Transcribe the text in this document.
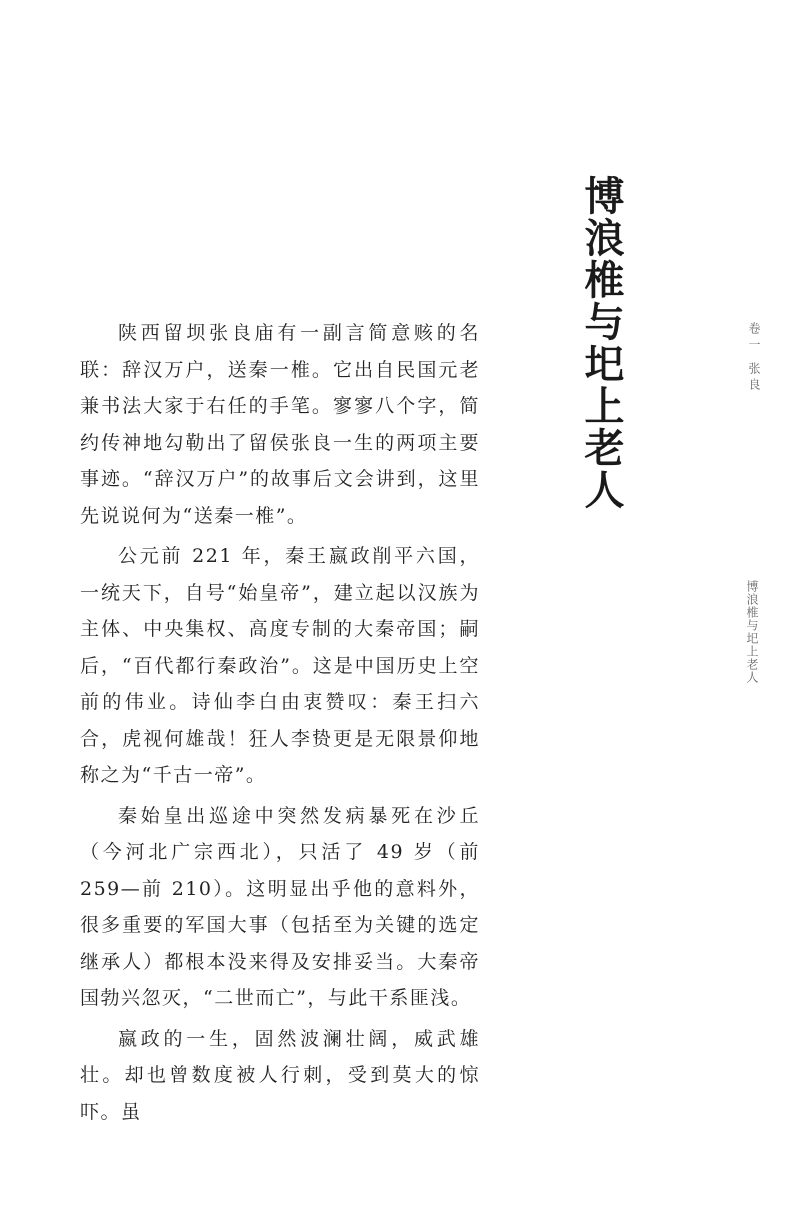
博浪椎与圯上老人	卷一 张良
博浪椎与圯上老人

陕西留坝张良庙有一副言简意赅的名联：辞汉万户，送秦一椎。它出自民国元老兼书法大家于右任的手笔。寥寥八个字，简约传神地勾勒出了留侯张良一生的两项主要事迹。“辞汉万户”的故事后文会讲到，这里先说说何为“送秦一椎”。

公元前 221 年，秦王嬴政削平六国，一统天下，自号“始皇帝”，建立起以汉族为主体、中央集权、高度专制的大秦帝国；嗣后，“百代都行秦政治”。这是中国历史上空前的伟业。诗仙李白由衷赞叹：秦王扫六合，虎视何雄哉！狂人李贽更是无限景仰地称之为“千古一帝”。

秦始皇出巡途中突然发病暴死在沙丘（今河北广宗西北），只活了 49 岁（前 259—前 210）。这明显出乎他的意料外，很多重要的军国大事（包括至为关键的选定继承人）都根本没来得及安排妥当。大秦帝国勃兴忽灭，“二世而亡”，与此干系匪浅。

嬴政的一生，固然波澜壮阔，威武雄壮。却也曾数度被人行刺，受到莫大的惊吓。虽
